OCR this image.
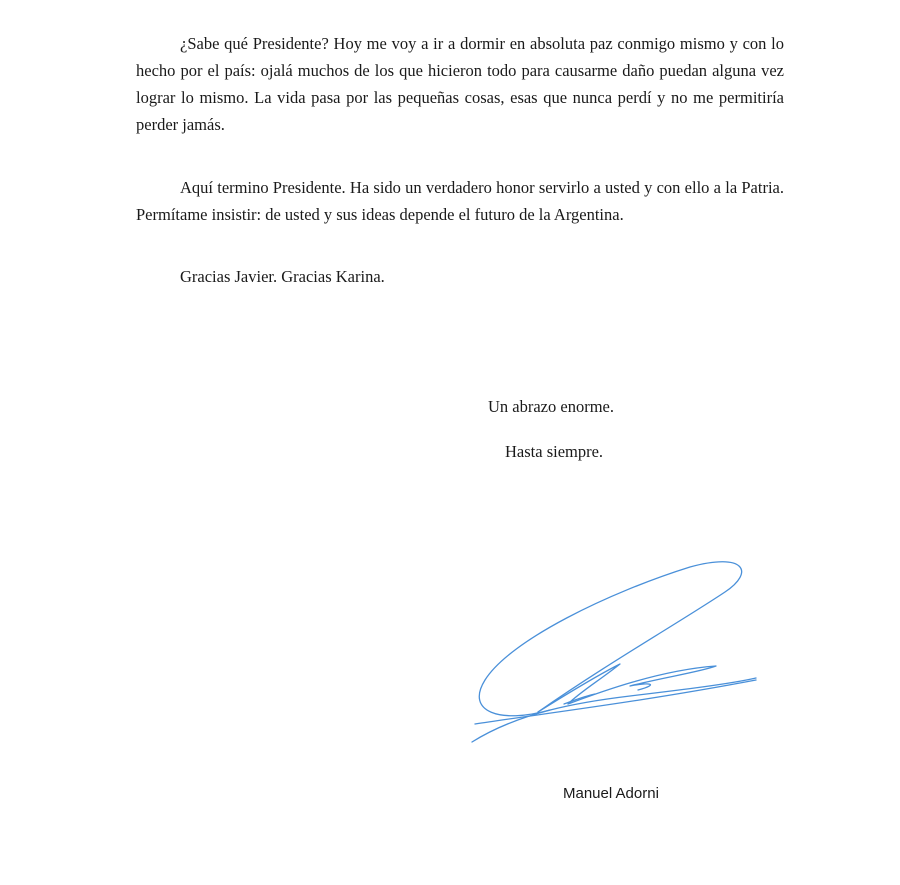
¿Sabe qué Presidente? Hoy me voy a ir a dormir en absoluta paz conmigo mismo y con lo hecho por el país: ojalá muchos de los que hicieron todo para causarme daño puedan alguna vez lograr lo mismo. La vida pasa por las pequeñas cosas, esas que nunca perdí y no me permitiría perder jamás.

Aquí termino Presidente. Ha sido un verdadero honor servirlo a usted y con ello a la Patria. Permítame insistir: de usted y sus ideas depende el futuro de la Argentina.

Gracias Javier. Gracias Karina.

Un abrazo enorme.

Hasta siempre.

Manuel Adorni
